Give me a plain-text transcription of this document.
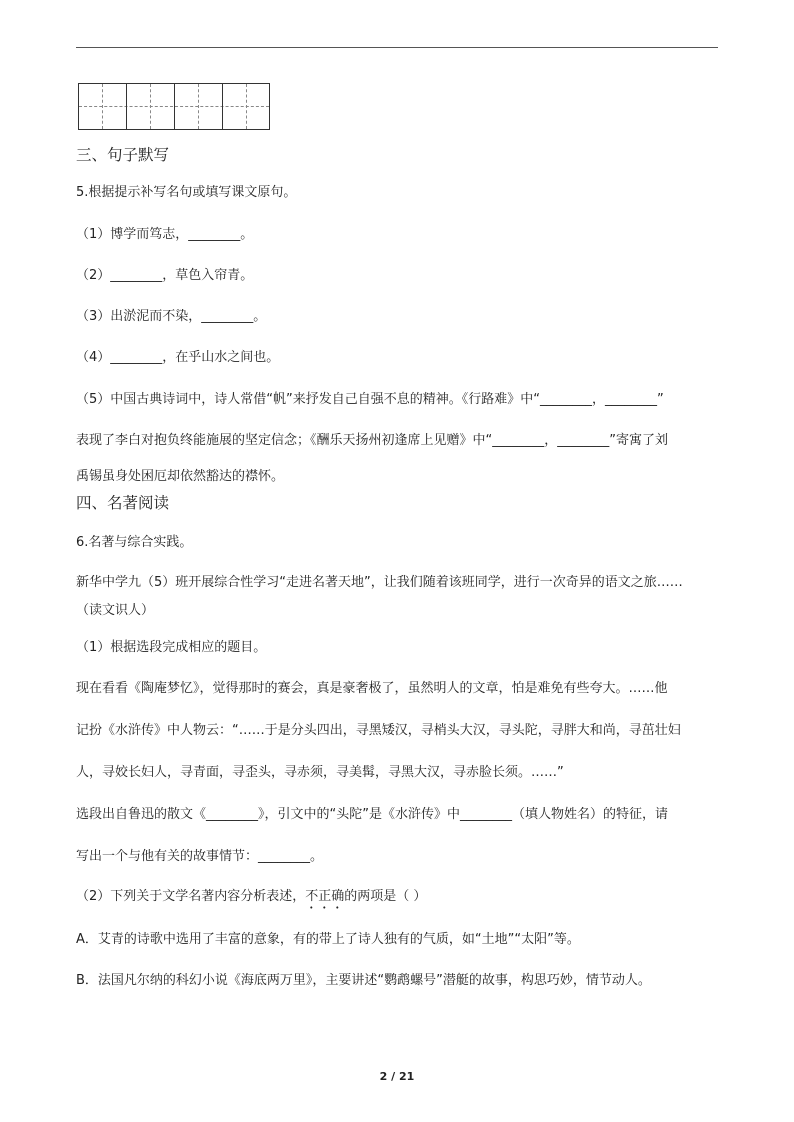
三、句子默写
5.根据提示补写名句或填写课文原句。
（1）博学而笃志，________。
（2）________，草色入帘青。
（3）出淤泥而不染，________。
（4）________，在乎山水之间也。
（5）中国古典诗词中，诗人常借“帆”来抒发自己自强不息的精神。《行路难》中“________，________”
表现了李白对抱负终能施展的坚定信念；《酬乐天扬州初逢席上见赠》中“________，________”寄寓了刘
禹锡虽身处困厄却依然豁达的襟怀。
四、名著阅读
6.名著与综合实践。
新华中学九（5）班开展综合性学习“走进名著天地”，让我们随着该班同学，进行一次奇异的语文之旅……
（读文识人）
（1）根据选段完成相应的题目。
现在看看《陶庵梦忆》，觉得那时的赛会，真是豪奢极了，虽然明人的文章，怕是难免有些夸大。……他
记扮《水浒传》中人物云：“……于是分头四出，寻黑矮汉，寻梢头大汉，寻头陀，寻胖大和尚，寻茁壮妇
人，寻姣长妇人，寻青面，寻歪头，寻赤须，寻美髯，寻黑大汉，寻赤脸长须。……”
选段出自鲁迅的散文《________》，引文中的“头陀”是《水浒传》中________（填人物姓名）的特征，请
写出一个与他有关的故事情节：________。
（2）下列关于文学名著内容分析表述，不正确的两项是（ ）
A．艾青的诗歌中选用了丰富的意象，有的带上了诗人独有的气质，如“土地”“太阳”等。
B．法国凡尔纳的科幻小说《海底两万里》，主要讲述“鹦鹉螺号”潜艇的故事，构思巧妙，情节动人。
2 / 21
